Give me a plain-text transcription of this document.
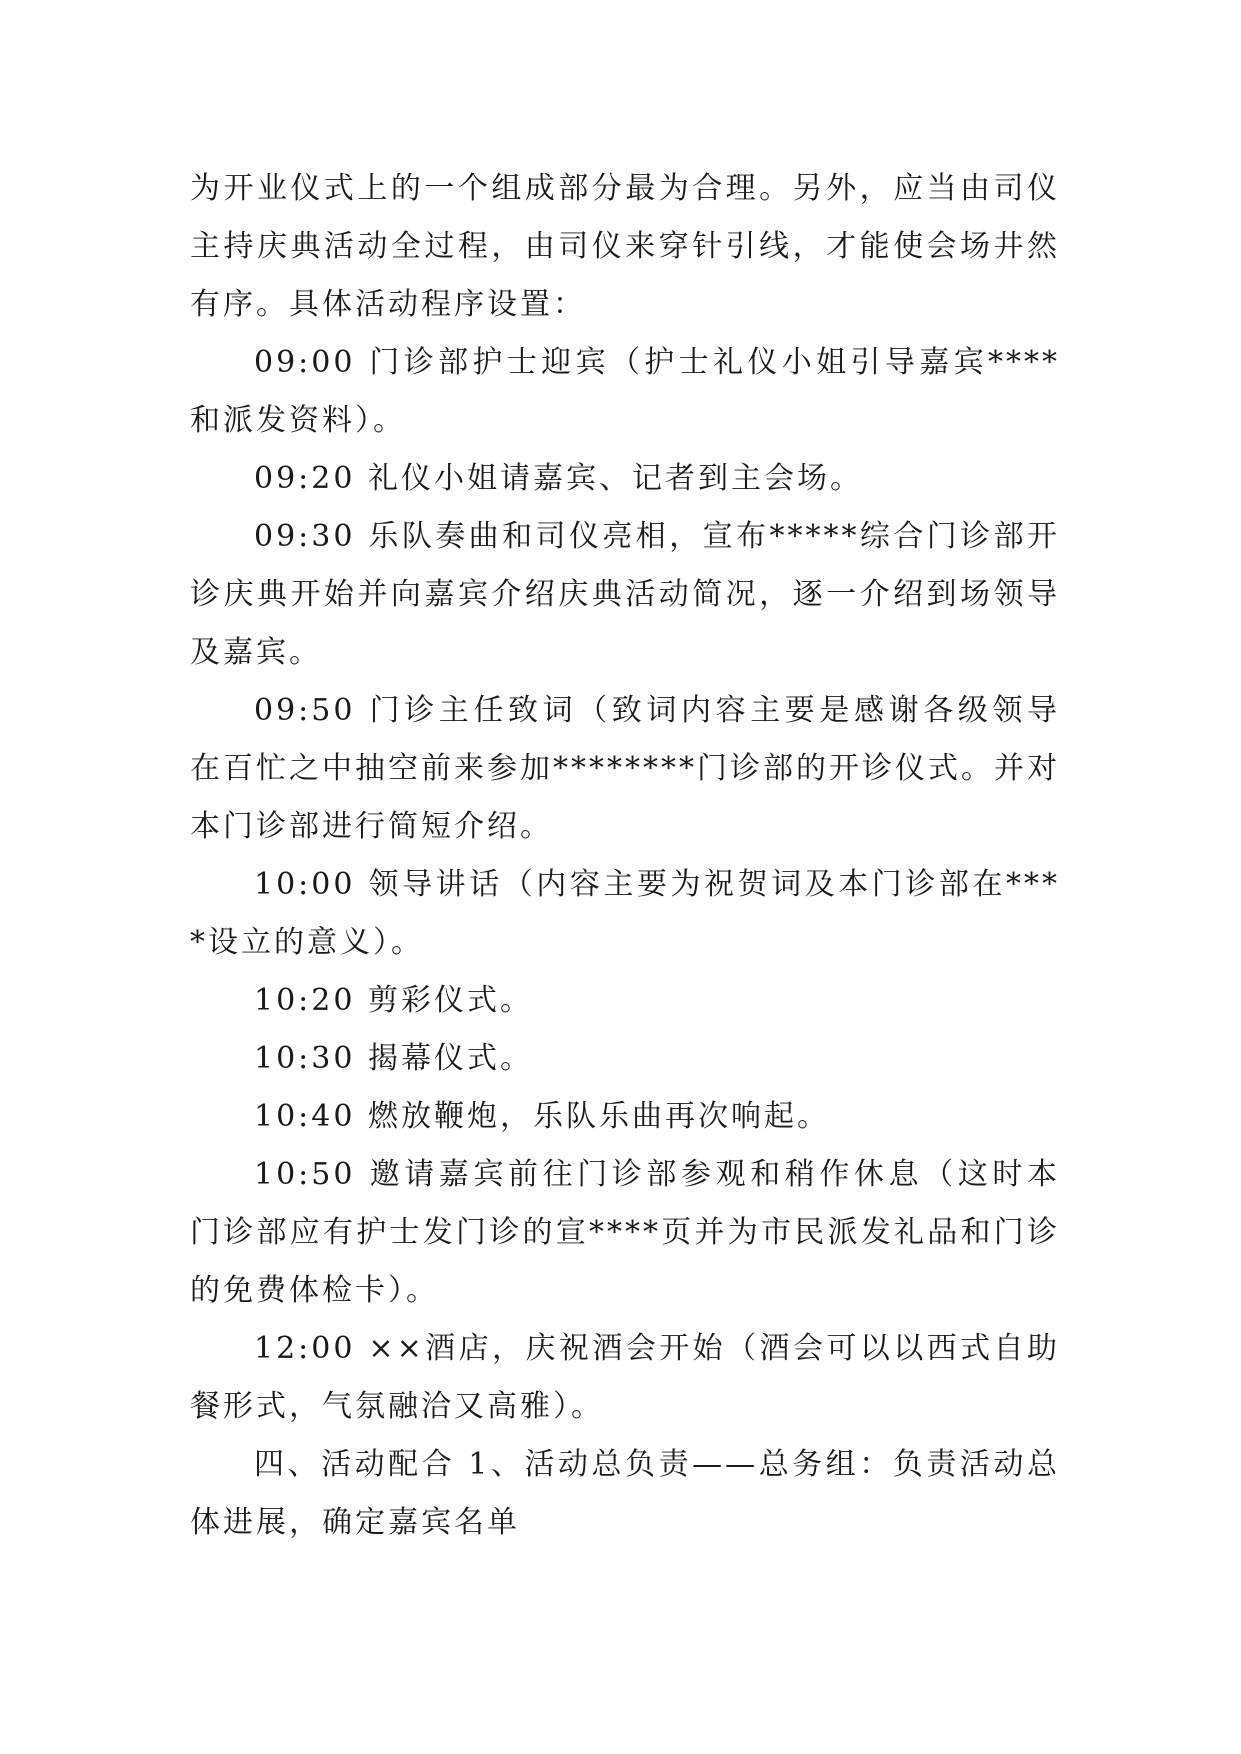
为开业仪式上的一个组成部分最为合理。另外，应当由司仪主持庆典活动全过程，由司仪来穿针引线，才能使会场井然有序。具体活动程序设置：

09:00 门诊部护士迎宾（护士礼仪小姐引导嘉宾****和派发资料）。

09:20 礼仪小姐请嘉宾、记者到主会场。

09:30 乐队奏曲和司仪亮相，宣布*****综合门诊部开诊庆典开始并向嘉宾介绍庆典活动简况，逐一介绍到场领导及嘉宾。

09:50 门诊主任致词（致词内容主要是感谢各级领导在百忙之中抽空前来参加********门诊部的开诊仪式。并对本门诊部进行简短介绍。

10:00 领导讲话（内容主要为祝贺词及本门诊部在****设立的意义）。

10:20 剪彩仪式。

10:30 揭幕仪式。

10:40 燃放鞭炮，乐队乐曲再次响起。

10:50 邀请嘉宾前往门诊部参观和稍作休息（这时本门诊部应有护士发门诊的宣****页并为市民派发礼品和门诊的免费体检卡）。

12:00 ××酒店，庆祝酒会开始（酒会可以以西式自助餐形式，气氛融洽又高雅）。

四、活动配合 1、活动总负责——总务组：负责活动总体进展，确定嘉宾名单
